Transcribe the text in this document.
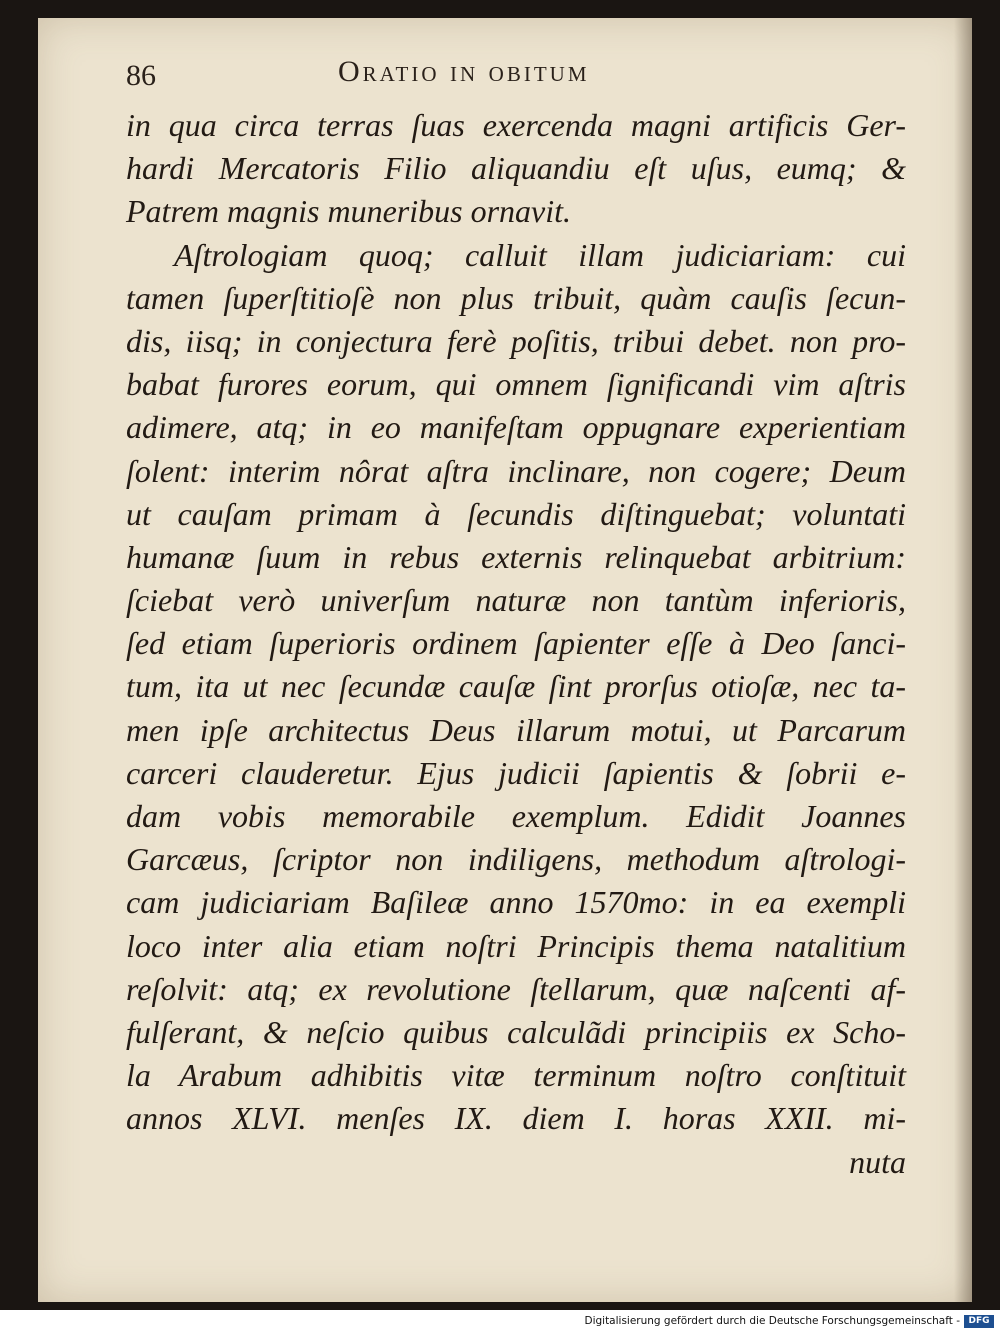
86	Oratio in obitum
in qua circa terras ſuas exercenda magni artificis Ger-
hardi Mercatoris Filio aliquandiu eſt uſus, eumq; &
Patrem magnis muneribus ornavit.
Aſtrologiam quoq; calluit illam judiciariam: cui
tamen ſuperſtitioſè non plus tribuit, quàm cauſis ſecun-
dis, iisq; in conjectura ferè poſitis, tribui debet. non pro-
babat furores eorum, qui omnem ſignificandi vim aſtris
adimere, atq; in eo manifeſtam oppugnare experientiam
ſolent: interim nôrat aſtra inclinare, non cogere; Deum
ut cauſam primam à ſecundis diſtinguebat; voluntati
humanæ ſuum in rebus externis relinquebat arbitrium:
ſciebat verò univerſum naturæ non tantùm inferioris,
ſed etiam ſuperioris ordinem ſapienter eſſe à Deo ſanci-
tum, ita ut nec ſecundæ cauſæ ſint prorſus otioſæ, nec ta-
men ipſe architectus Deus illarum motui, ut Parcarum
carceri clauderetur. Ejus judicii ſapientis & ſobrii e-
dam vobis memorabile exemplum. Edidit Joannes
Garcæus, ſcriptor non indiligens, methodum aſtrologi-
cam judiciariam Baſileæ anno 1570mo: in ea exempli
loco inter alia etiam noſtri Principis thema natalitium
reſolvit: atq; ex revolutione ſtellarum, quæ naſcenti af-
fulſerant, & neſcio quibus calculãdi principiis ex Scho-
la Arabum adhibitis vitæ terminum noſtro conſtituit
annos XLVI. menſes IX. diem I. horas XXII. mi-
nuta
Digitalisierung gefördert durch die Deutsche Forschungsgemeinschaft - DFG
